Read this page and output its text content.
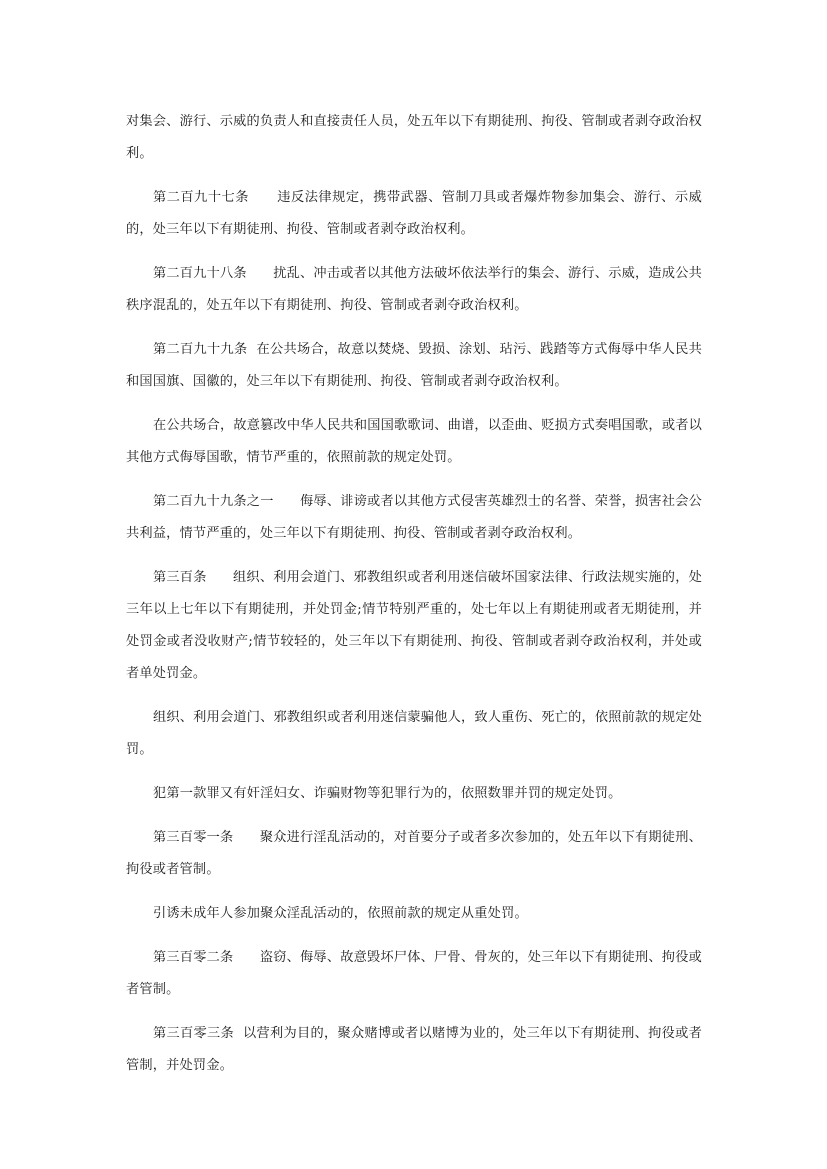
对集会、游行、示威的负责人和直接责任人员，处五年以下有期徒刑、拘役、管制或者剥夺政治权利。

第二百九十七条 违反法律规定，携带武器、管制刀具或者爆炸物参加集会、游行、示威的，处三年以下有期徒刑、拘役、管制或者剥夺政治权利。

第二百九十八条 扰乱、冲击或者以其他方法破坏依法举行的集会、游行、示威，造成公共秩序混乱的，处五年以下有期徒刑、拘役、管制或者剥夺政治权利。

第二百九十九条 在公共场合，故意以焚烧、毁损、涂划、玷污、践踏等方式侮辱中华人民共和国国旗、国徽的，处三年以下有期徒刑、拘役、管制或者剥夺政治权利。

在公共场合，故意篡改中华人民共和国国歌歌词、曲谱，以歪曲、贬损方式奏唱国歌，或者以其他方式侮辱国歌，情节严重的，依照前款的规定处罚。

第二百九十九条之一 侮辱、诽谤或者以其他方式侵害英雄烈士的名誉、荣誉，损害社会公共利益，情节严重的，处三年以下有期徒刑、拘役、管制或者剥夺政治权利。

第三百条 组织、利用会道门、邪教组织或者利用迷信破坏国家法律、行政法规实施的，处三年以上七年以下有期徒刑，并处罚金;情节特别严重的，处七年以上有期徒刑或者无期徒刑，并处罚金或者没收财产;情节较轻的，处三年以下有期徒刑、拘役、管制或者剥夺政治权利，并处或者单处罚金。

组织、利用会道门、邪教组织或者利用迷信蒙骗他人，致人重伤、死亡的，依照前款的规定处罚。

犯第一款罪又有奸淫妇女、诈骗财物等犯罪行为的，依照数罪并罚的规定处罚。

第三百零一条 聚众进行淫乱活动的，对首要分子或者多次参加的，处五年以下有期徒刑、拘役或者管制。

引诱未成年人参加聚众淫乱活动的，依照前款的规定从重处罚。

第三百零二条 盗窃、侮辱、故意毁坏尸体、尸骨、骨灰的，处三年以下有期徒刑、拘役或者管制。

第三百零三条 以营利为目的，聚众赌博或者以赌博为业的，处三年以下有期徒刑、拘役或者管制，并处罚金。
